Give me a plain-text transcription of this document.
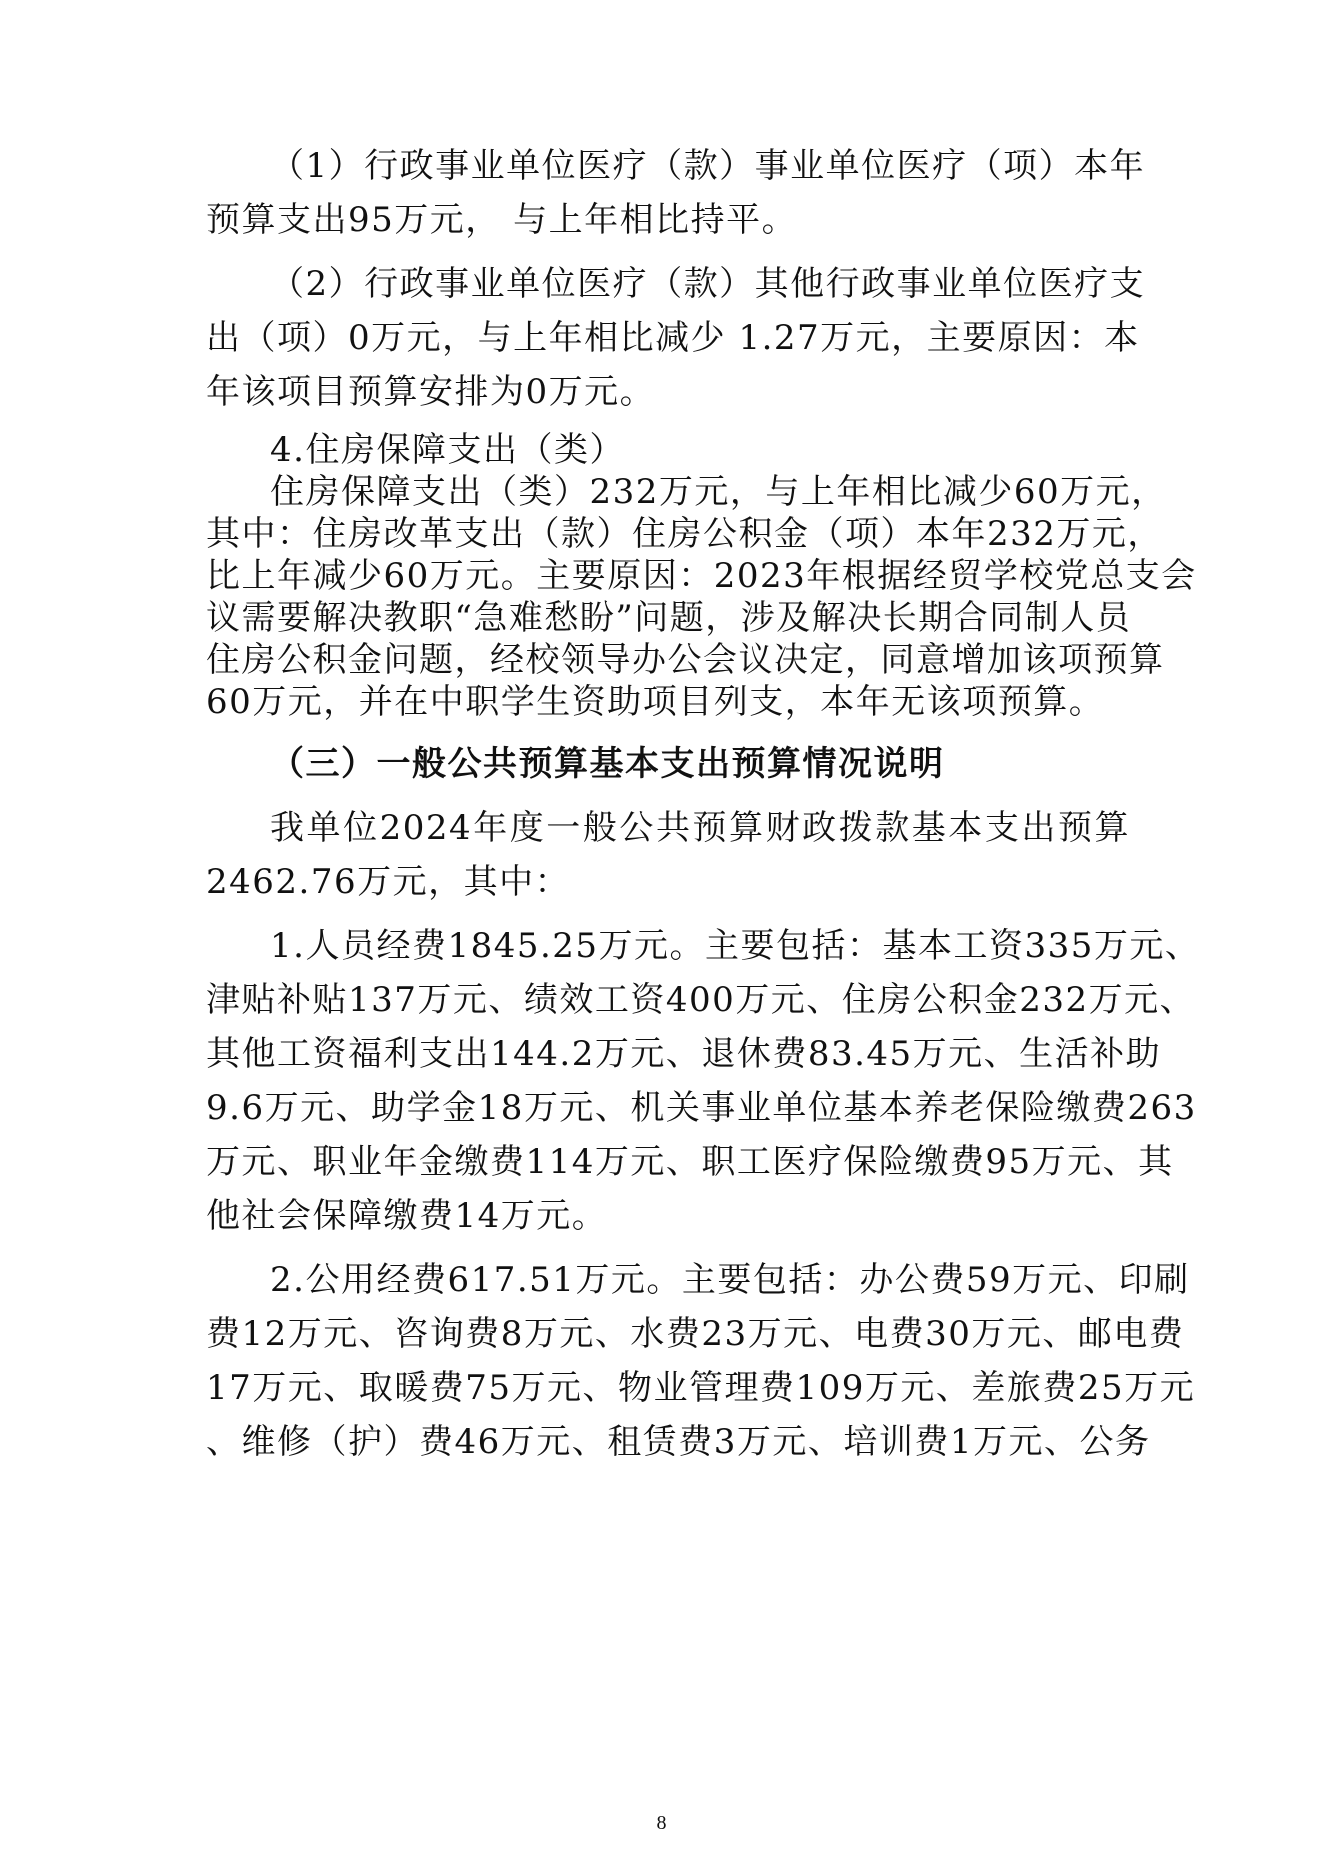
（1）行政事业单位医疗（款）事业单位医疗（项）本年
预算支出95万元， 与上年相比持平。
（2）行政事业单位医疗（款）其他行政事业单位医疗支
出（项）0万元，与上年相比减少 1.27万元，主要原因：本
年该项目预算安排为0万元。
4.住房保障支出（类）
住房保障支出（类）232万元，与上年相比减少60万元，
其中：住房改革支出（款）住房公积金（项）本年232万元，
比上年减少60万元。主要原因：2023年根据经贸学校党总支会
议需要解决教职“急难愁盼”问题，涉及解决长期合同制人员
住房公积金问题，经校领导办公会议决定，同意增加该项预算
60万元，并在中职学生资助项目列支，本年无该项预算。
（三）一般公共预算基本支出预算情况说明
我单位2024年度一般公共预算财政拨款基本支出预算
2462.76万元，其中：
1.人员经费1845.25万元。主要包括：基本工资335万元、
津贴补贴137万元、绩效工资400万元、住房公积金232万元、
其他工资福利支出144.2万元、退休费83.45万元、生活补助
9.6万元、助学金18万元、机关事业单位基本养老保险缴费263
万元、职业年金缴费114万元、职工医疗保险缴费95万元、其
他社会保障缴费14万元。
2.公用经费617.51万元。主要包括：办公费59万元、印刷
费12万元、咨询费8万元、水费23万元、电费30万元、邮电费
17万元、取暖费75万元、物业管理费109万元、差旅费25万元
、维修（护）费46万元、租赁费3万元、培训费1万元、公务
8
